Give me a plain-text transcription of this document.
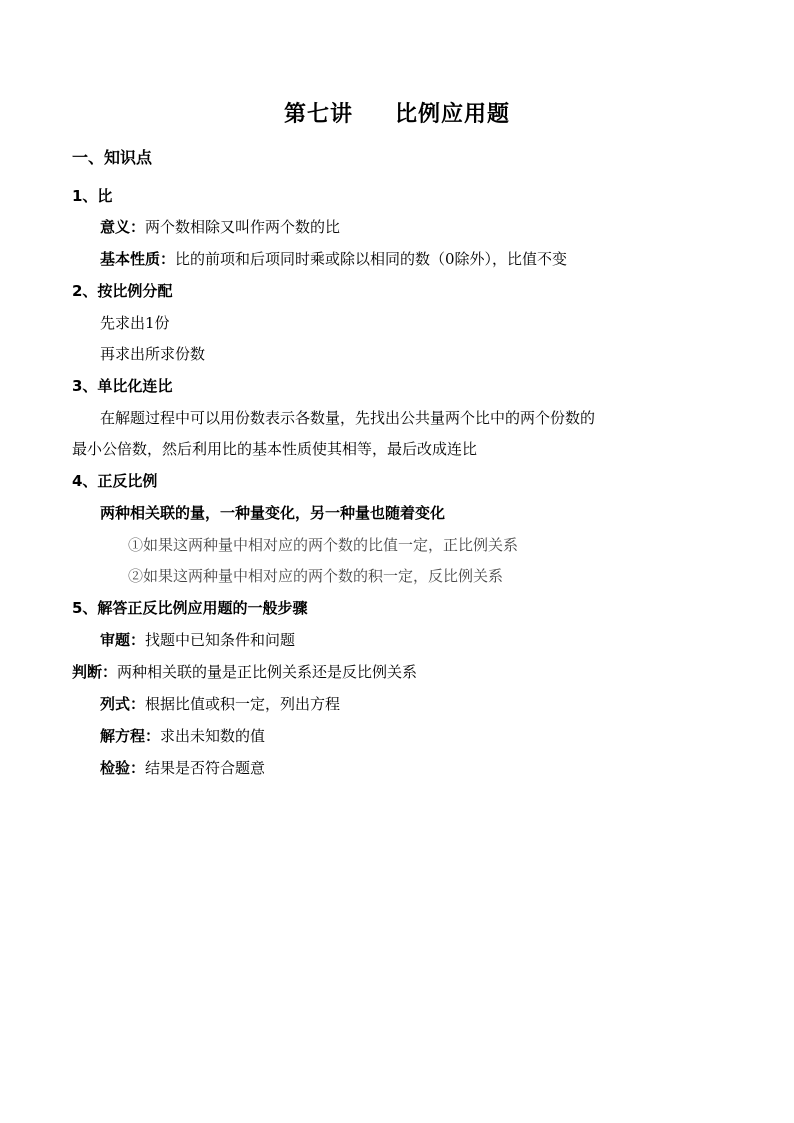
第七讲 比例应用题
一、知识点
1、比
意义：两个数相除又叫作两个数的比
基本性质：比的前项和后项同时乘或除以相同的数（0除外），比值不变
2、按比例分配
先求出1份
再求出所求份数
3、单比化连比
在解题过程中可以用份数表示各数量，先找出公共量两个比中的两个份数的
最小公倍数，然后利用比的基本性质使其相等，最后改成连比
4、正反比例
两种相关联的量，一种量变化，另一种量也随着变化
①如果这两种量中相对应的两个数的比值一定，正比例关系
②如果这两种量中相对应的两个数的积一定，反比例关系
5、解答正反比例应用题的一般步骤
审题：找题中已知条件和问题
判断：两种相关联的量是正比例关系还是反比例关系
列式：根据比值或积一定，列出方程
解方程：求出未知数的值
检验：结果是否符合题意
